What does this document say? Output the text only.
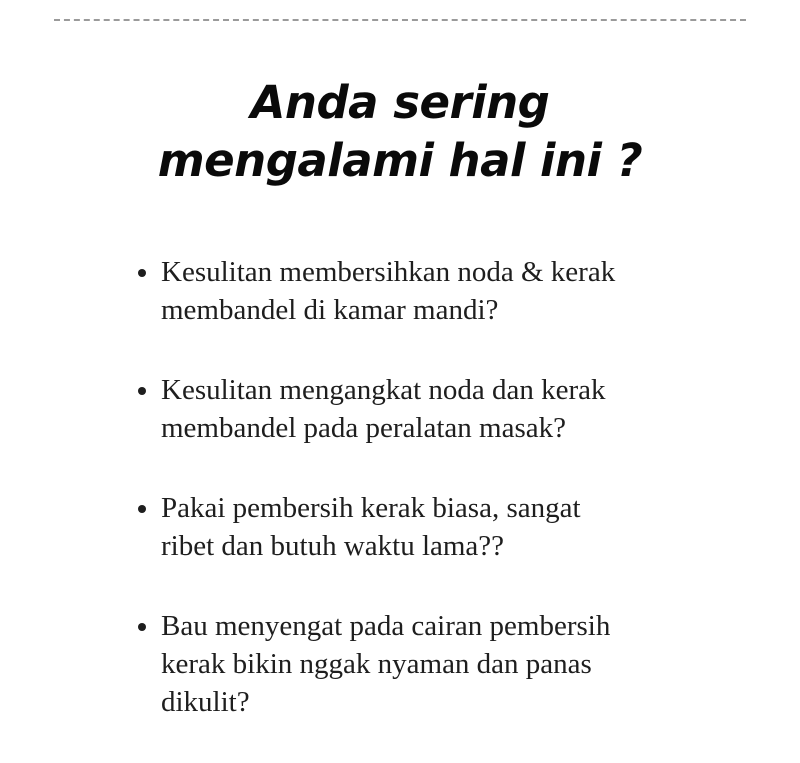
Anda sering
mengalami hal ini ?
Kesulitan membersihkan noda & kerak
membandel di kamar mandi?
Kesulitan mengangkat noda dan kerak
membandel pada peralatan masak?
Pakai pembersih kerak biasa, sangat
ribet dan butuh waktu lama??
Bau menyengat pada cairan pembersih
kerak bikin nggak nyaman dan panas
dikulit?
